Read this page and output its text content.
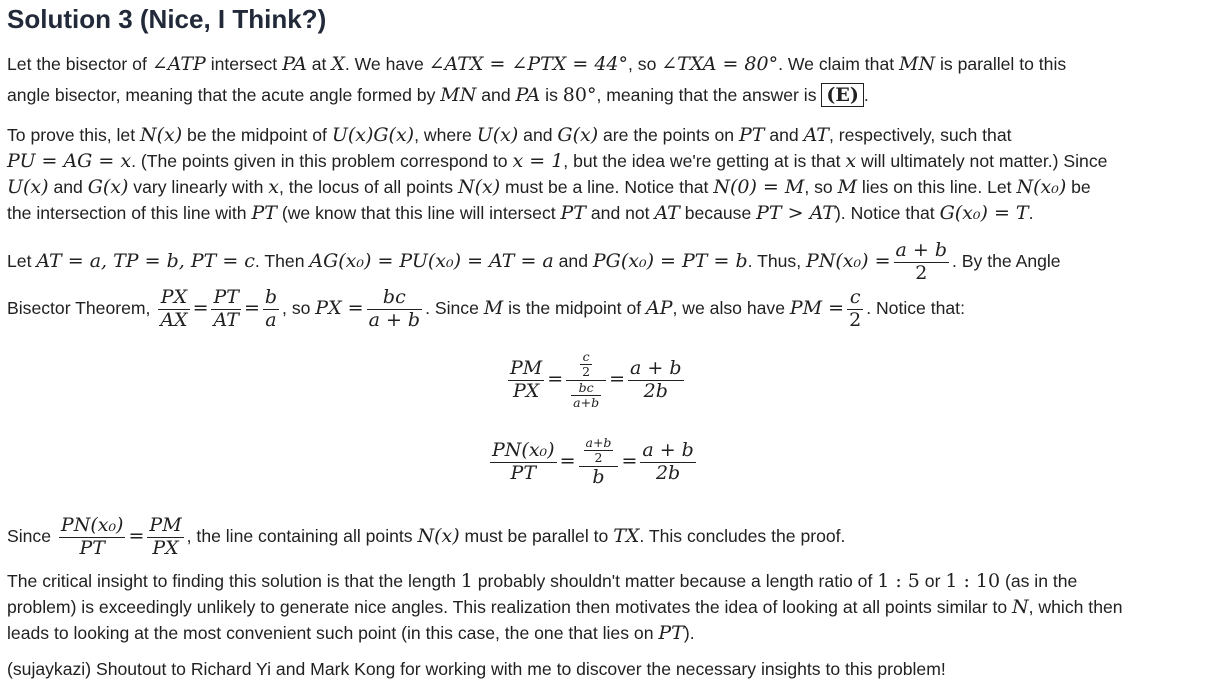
Solution 3 (Nice, I Think?)
Let the bisector of ∠ATP intersect PA at X. We have ∠ATX = ∠PTX = 44°, so ∠TXA = 80°. We claim that MN is parallel to this
angle bisector, meaning that the acute angle formed by MN and PA is 80°, meaning that the answer is (E) .
To prove this, let N(x) be the midpoint of U(x)G(x), where U(x) and G(x) are the points on PT and AT, respectively, such that
PU = AG = x. (The points given in this problem correspond to x = 1, but the idea we're getting at is that x will ultimately not matter.) Since
U(x) and G(x) vary linearly with x, the locus of all points N(x) must be a line. Notice that N(0) = M, so M lies on this line. Let N(x₀) be
the intersection of this line with PT (we know that this line will intersect PT and not AT because PT > AT). Notice that G(x₀) = T.
Let AT = a, TP = b, PT = c. Then AG(x₀) = PU(x₀) = AT = a and PG(x₀) = PT = b. Thus, $PN(x_0) = \frac{a + b}{2}$ . By the Angle
Bisector Theorem, $\frac{PX}{AX} = \frac{PT}{AT} = \frac{b}{a}$ , so PX = $\frac{bc}{a + b}$ . Since M is the midpoint of AP, we also have PM = $\frac{c}{2}$ . Notice that:
$\frac{PM}{PX} = \frac{\frac{c}{2}}{\frac{bc}{a+b}} = \frac{a + b}{2b}$
$\frac{\text{PN(x₀)}}{PT} = \frac{\frac{a+b}{2}}{b} = \frac{a + b}{2b}$
Since $\frac{\text{PN(x₀)}}{PT} = \frac{PM}{PX}$ , the line containing all points N(x) must be parallel to TX. This concludes the proof.
The critical insight to finding this solution is that the length 1 probably shouldn't matter because a length ratio of 1 : 5 or 1 : 10 (as in the
problem) is exceedingly unlikely to generate nice angles. This realization then motivates the idea of looking at all points similar to N, which then
leads to looking at the most convenient such point (in this case, the one that lies on PT).
(sujaykazi) Shoutout to Richard Yi and Mark Kong for working with me to discover the necessary insights to this problem!
